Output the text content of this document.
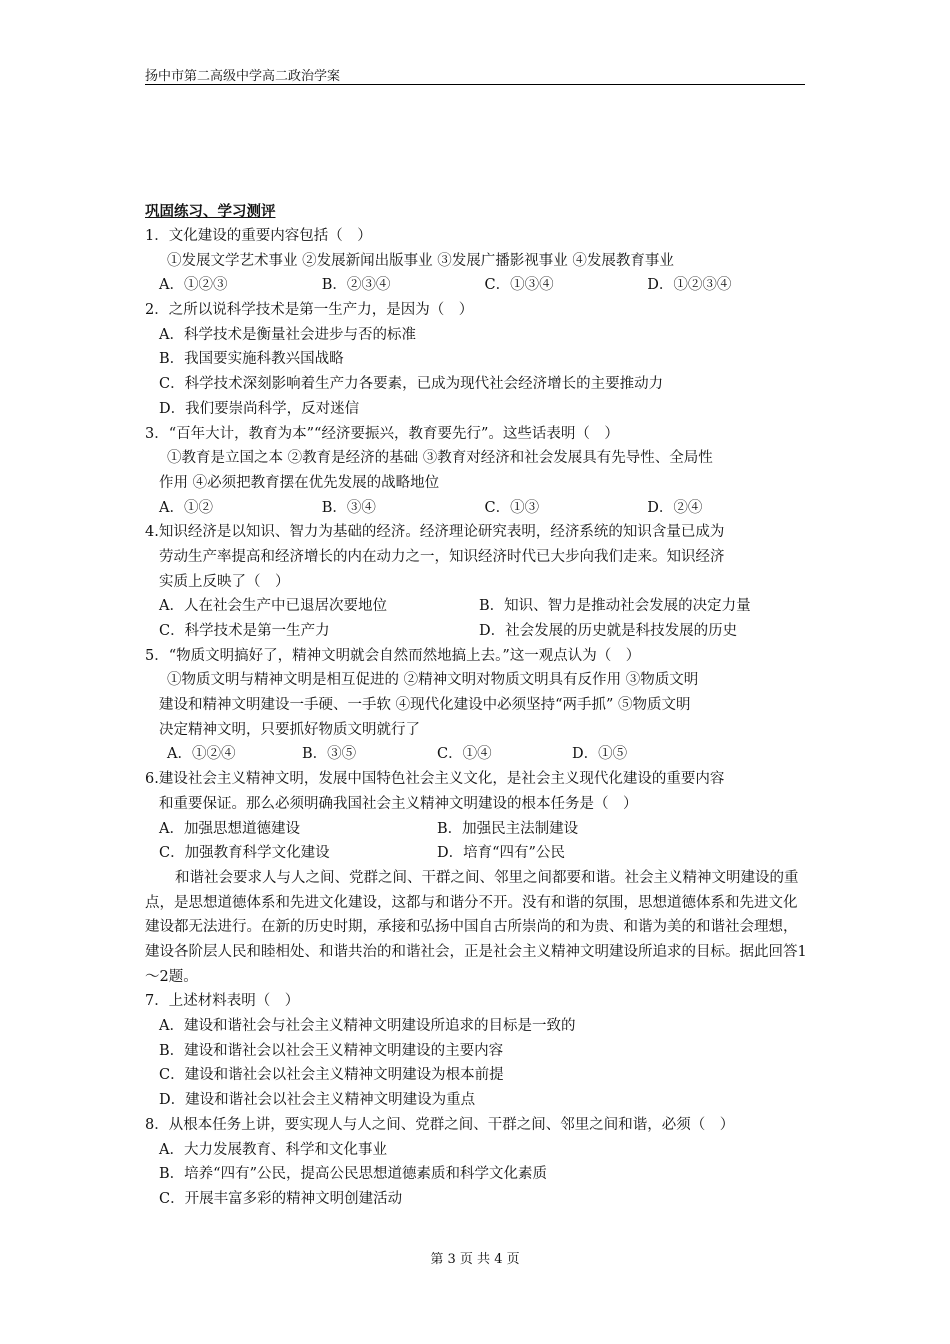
扬中市第二高级中学高二政治学案
巩固练习、学习测评
1．文化建设的重要内容包括（　）
①发展文学艺术事业 ②发展新闻出版事业 ③发展广播影视事业 ④发展教育事业
A．①②③	B．②③④	C．①③④	D．①②③④
2．之所以说科学技术是第一生产力，是因为（　）
A．科学技术是衡量社会进步与否的标准
B．我国要实施科教兴国战略
C．科学技术深刻影响着生产力各要素，已成为现代社会经济增长的主要推动力
D．我们要崇尚科学，反对迷信
3．“百年大计，教育为本”“经济要振兴，教育要先行”。这些话表明（　）
①教育是立国之本 ②教育是经济的基础 ③教育对经济和社会发展具有先导性、全局性
作用 ④必须把教育摆在优先发展的战略地位
A．①②	B．③④	C．①③	D．②④
4.知识经济是以知识、智力为基础的经济。经济理论研究表明，经济系统的知识含量已成为
劳动生产率提高和经济增长的内在动力之一，知识经济时代已大步向我们走来。知识经济
实质上反映了（　）
A．人在社会生产中已退居次要地位	B．知识、智力是推动社会发展的决定力量
C．科学技术是第一生产力	D．社会发展的历史就是科技发展的历史
5．“物质文明搞好了，精神文明就会自然而然地搞上去。”这一观点认为（　）
①物质文明与精神文明是相互促进的 ②精神文明对物质文明具有反作用 ③物质文明
建设和精神文明建设一手硬、一手软 ④现代化建设中必须坚持“两手抓” ⑤物质文明
决定精神文明，只要抓好物质文明就行了
A．①②④	B．③⑤	C．①④	D．①⑤
6.建设社会主义精神文明，发展中国特色社会主义文化，是社会主义现代化建设的重要内容
和重要保证。那么必须明确我国社会主义精神文明建设的根本任务是（　）
A．加强思想道德建设	B．加强民主法制建设
C．加强教育科学文化建设	D．培育“四有”公民
和谐社会要求人与人之间、党群之间、干群之间、邻里之间都要和谐。社会主义精神文明建设的重点，是思想道德体系和先进文化建设，这都与和谐分不开。没有和谐的氛围，思想道德体系和先进文化建设都无法进行。在新的历史时期，承接和弘扬中国自古所崇尚的和为贵、和谐为美的和谐社会理想，建设各阶层人民和睦相处、和谐共治的和谐社会，正是社会主义精神文明建设所追求的目标。据此回答1～2题。
7．上述材料表明（　）
A．建设和谐社会与社会主义精神文明建设所追求的目标是一致的
B．建设和谐社会以社会王义精神文明建设的主要内容
C．建设和谐社会以社会主义精神文明建设为根本前提
D．建设和谐社会以社会主义精神文明建设为重点
8．从根本任务上讲，要实现人与人之间、党群之间、干群之间、邻里之间和谐，必须（　）
A．大力发展教育、科学和文化事业
B．培养“四有”公民，提高公民思想道德素质和科学文化素质
C．开展丰富多彩的精神文明创建活动
第 3 页 共 4 页
